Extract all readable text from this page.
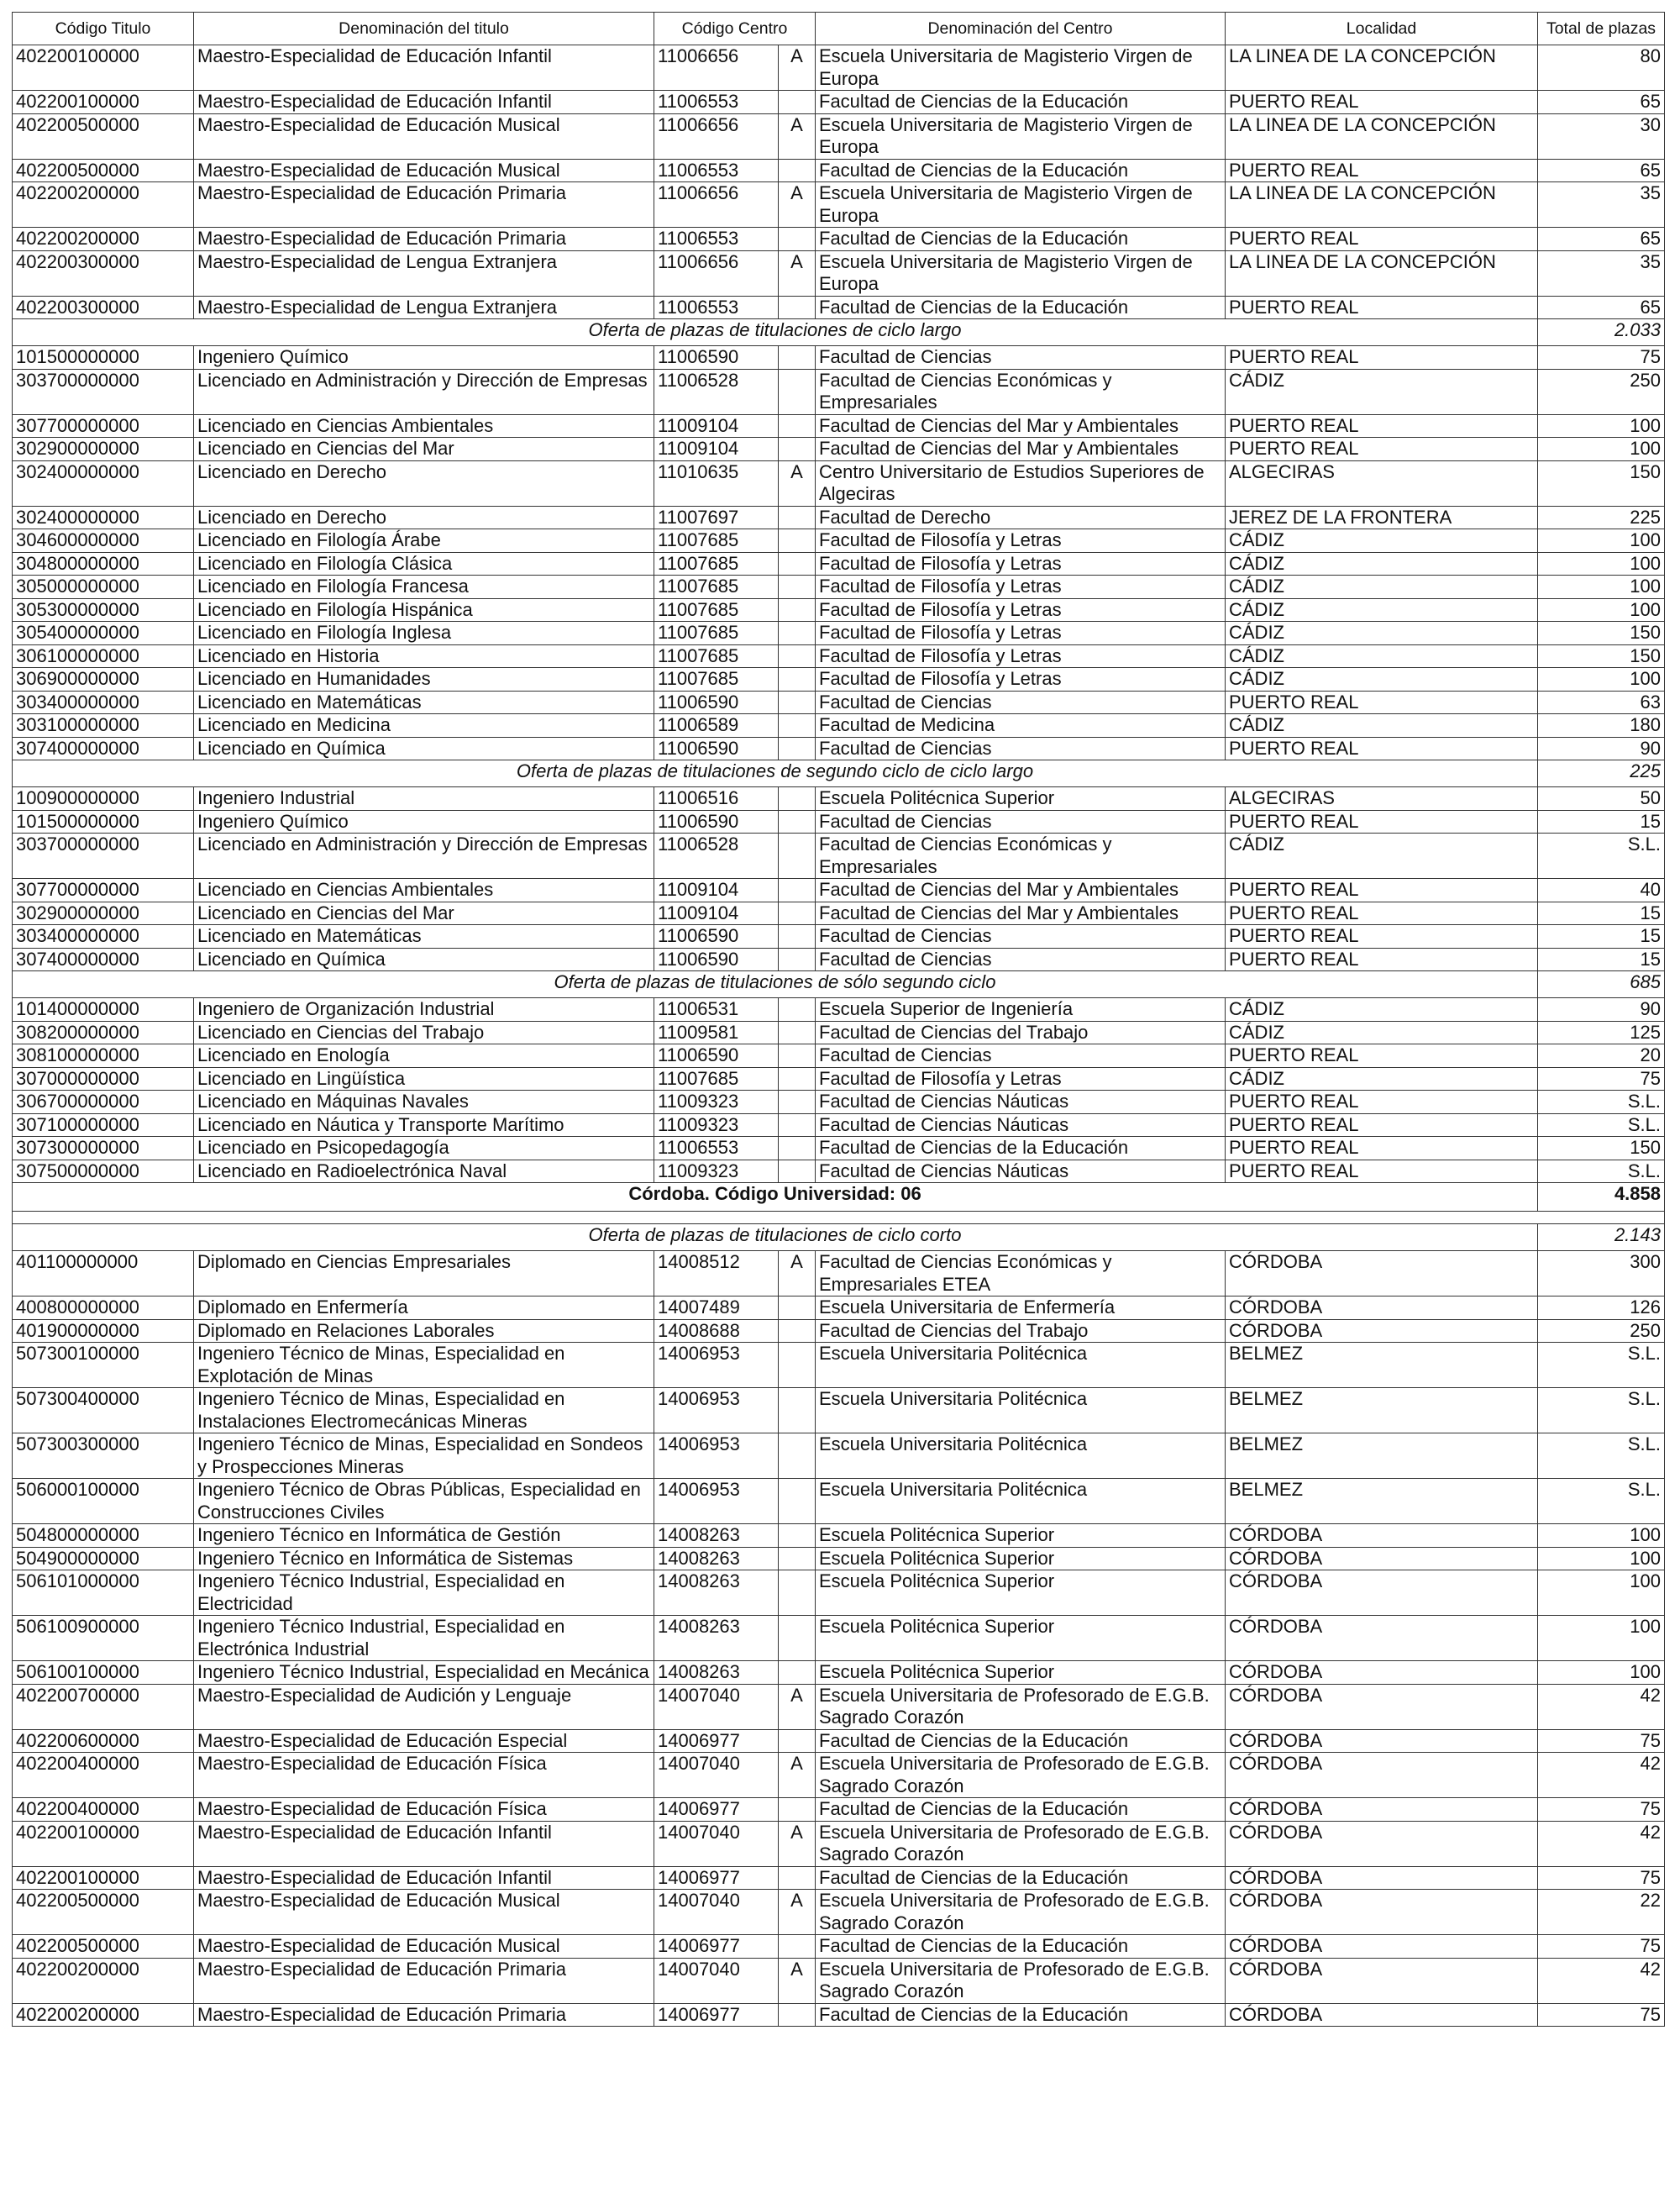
Código Titulo	Denominación del titulo	Código Centro		Denominación del Centro	Localidad	Total de plazas
402200100000	Maestro-Especialidad de Educación Infantil	11006656	A	Escuela Universitaria de Magisterio Virgen de Europa	LA LINEA DE LA CONCEPCIÓN	80
402200100000	Maestro-Especialidad de Educación Infantil	11006553		Facultad de Ciencias de la Educación	PUERTO REAL	65
402200500000	Maestro-Especialidad de Educación Musical	11006656	A	Escuela Universitaria de Magisterio Virgen de Europa	LA LINEA DE LA CONCEPCIÓN	30
402200500000	Maestro-Especialidad de Educación Musical	11006553		Facultad de Ciencias de la Educación	PUERTO REAL	65
402200200000	Maestro-Especialidad de Educación Primaria	11006656	A	Escuela Universitaria de Magisterio Virgen de Europa	LA LINEA DE LA CONCEPCIÓN	35
402200200000	Maestro-Especialidad de Educación Primaria	11006553		Facultad de Ciencias de la Educación	PUERTO REAL	65
402200300000	Maestro-Especialidad de Lengua Extranjera	11006656	A	Escuela Universitaria de Magisterio Virgen de Europa	LA LINEA DE LA CONCEPCIÓN	35
402200300000	Maestro-Especialidad de Lengua Extranjera	11006553		Facultad de Ciencias de la Educación	PUERTO REAL	65
Oferta de plazas de titulaciones de ciclo largo						2.033
101500000000	Ingeniero Químico	11006590		Facultad de Ciencias	PUERTO REAL	75
303700000000	Licenciado en Administración y Dirección de Empresas	11006528		Facultad de Ciencias Económicas y Empresariales	CÁDIZ	250
307700000000	Licenciado en Ciencias Ambientales	11009104		Facultad de Ciencias del Mar y Ambientales	PUERTO REAL	100
302900000000	Licenciado en Ciencias del Mar	11009104		Facultad de Ciencias del Mar y Ambientales	PUERTO REAL	100
302400000000	Licenciado en Derecho	11010635	A	Centro Universitario de Estudios Superiores de Algeciras	ALGECIRAS	150
302400000000	Licenciado en Derecho	11007697		Facultad de Derecho	JEREZ DE LA FRONTERA	225
304600000000	Licenciado en Filología Árabe	11007685		Facultad de Filosofía y Letras	CÁDIZ	100
304800000000	Licenciado en Filología Clásica	11007685		Facultad de Filosofía y Letras	CÁDIZ	100
305000000000	Licenciado en Filología Francesa	11007685		Facultad de Filosofía y Letras	CÁDIZ	100
305300000000	Licenciado en Filología Hispánica	11007685		Facultad de Filosofía y Letras	CÁDIZ	100
305400000000	Licenciado en Filología Inglesa	11007685		Facultad de Filosofía y Letras	CÁDIZ	150
306100000000	Licenciado en Historia	11007685		Facultad de Filosofía y Letras	CÁDIZ	150
306900000000	Licenciado en Humanidades	11007685		Facultad de Filosofía y Letras	CÁDIZ	100
303400000000	Licenciado en Matemáticas	11006590		Facultad de Ciencias	PUERTO REAL	63
303100000000	Licenciado en Medicina	11006589		Facultad de Medicina	CÁDIZ	180
307400000000	Licenciado en Química	11006590		Facultad de Ciencias	PUERTO REAL	90
Oferta de plazas de titulaciones de segundo ciclo de ciclo largo						225
100900000000	Ingeniero Industrial	11006516		Escuela Politécnica Superior	ALGECIRAS	50
101500000000	Ingeniero Químico	11006590		Facultad de Ciencias	PUERTO REAL	15
303700000000	Licenciado en Administración y Dirección de Empresas	11006528		Facultad de Ciencias Económicas y Empresariales	CÁDIZ	S.L.
307700000000	Licenciado en Ciencias Ambientales	11009104		Facultad de Ciencias del Mar y Ambientales	PUERTO REAL	40
302900000000	Licenciado en Ciencias del Mar	11009104		Facultad de Ciencias del Mar y Ambientales	PUERTO REAL	15
303400000000	Licenciado en Matemáticas	11006590		Facultad de Ciencias	PUERTO REAL	15
307400000000	Licenciado en Química	11006590		Facultad de Ciencias	PUERTO REAL	15
Oferta de plazas de titulaciones de sólo segundo ciclo						685
101400000000	Ingeniero de Organización Industrial	11006531		Escuela Superior de Ingeniería	CÁDIZ	90
308200000000	Licenciado en Ciencias del Trabajo	11009581		Facultad de Ciencias del Trabajo	CÁDIZ	125
308100000000	Licenciado en Enología	11006590		Facultad de Ciencias	PUERTO REAL	20
307000000000	Licenciado en Lingüística	11007685		Facultad de Filosofía y Letras	CÁDIZ	75
306700000000	Licenciado en Máquinas Navales	11009323		Facultad de Ciencias Náuticas	PUERTO REAL	S.L.
307100000000	Licenciado en Náutica y Transporte Marítimo	11009323		Facultad de Ciencias Náuticas	PUERTO REAL	S.L.
307300000000	Licenciado en Psicopedagogía	11006553		Facultad de Ciencias de la Educación	PUERTO REAL	150
307500000000	Licenciado en Radioelectrónica Naval	11009323		Facultad de Ciencias Náuticas	PUERTO REAL	S.L.
Córdoba. Código Universidad: 06						4.858

Oferta de plazas de titulaciones de ciclo corto						2.143
401100000000	Diplomado en Ciencias Empresariales	14008512	A	Facultad de Ciencias Económicas y Empresariales ETEA	CÓRDOBA	300
400800000000	Diplomado en Enfermería	14007489		Escuela Universitaria de Enfermería	CÓRDOBA	126
401900000000	Diplomado en Relaciones Laborales	14008688		Facultad de Ciencias del Trabajo	CÓRDOBA	250
507300100000	Ingeniero Técnico de Minas, Especialidad en Explotación de Minas	14006953		Escuela Universitaria Politécnica	BELMEZ	S.L.
507300400000	Ingeniero Técnico de Minas, Especialidad en Instalaciones Electromecánicas Mineras	14006953		Escuela Universitaria Politécnica	BELMEZ	S.L.
507300300000	Ingeniero Técnico de Minas, Especialidad en Sondeos y Prospecciones Mineras	14006953		Escuela Universitaria Politécnica	BELMEZ	S.L.
506000100000	Ingeniero Técnico de Obras Públicas, Especialidad en Construcciones Civiles	14006953		Escuela Universitaria Politécnica	BELMEZ	S.L.
504800000000	Ingeniero Técnico en Informática de Gestión	14008263		Escuela Politécnica Superior	CÓRDOBA	100
504900000000	Ingeniero Técnico en Informática de Sistemas	14008263		Escuela Politécnica Superior	CÓRDOBA	100
506101000000	Ingeniero Técnico Industrial, Especialidad en Electricidad	14008263		Escuela Politécnica Superior	CÓRDOBA	100
506100900000	Ingeniero Técnico Industrial, Especialidad en Electrónica Industrial	14008263		Escuela Politécnica Superior	CÓRDOBA	100
506100100000	Ingeniero Técnico Industrial, Especialidad en Mecánica	14008263		Escuela Politécnica Superior	CÓRDOBA	100
402200700000	Maestro-Especialidad de Audición y Lenguaje	14007040	A	Escuela Universitaria de Profesorado de E.G.B. Sagrado Corazón	CÓRDOBA	42
402200600000	Maestro-Especialidad de Educación Especial	14006977		Facultad de Ciencias de la Educación	CÓRDOBA	75
402200400000	Maestro-Especialidad de Educación Física	14007040	A	Escuela Universitaria de Profesorado de E.G.B. Sagrado Corazón	CÓRDOBA	42
402200400000	Maestro-Especialidad de Educación Física	14006977		Facultad de Ciencias de la Educación	CÓRDOBA	75
402200100000	Maestro-Especialidad de Educación Infantil	14007040	A	Escuela Universitaria de Profesorado de E.G.B. Sagrado Corazón	CÓRDOBA	42
402200100000	Maestro-Especialidad de Educación Infantil	14006977		Facultad de Ciencias de la Educación	CÓRDOBA	75
402200500000	Maestro-Especialidad de Educación Musical	14007040	A	Escuela Universitaria de Profesorado de E.G.B. Sagrado Corazón	CÓRDOBA	22
402200500000	Maestro-Especialidad de Educación Musical	14006977		Facultad de Ciencias de la Educación	CÓRDOBA	75
402200200000	Maestro-Especialidad de Educación Primaria	14007040	A	Escuela Universitaria de Profesorado de E.G.B. Sagrado Corazón	CÓRDOBA	42
402200200000	Maestro-Especialidad de Educación Primaria	14006977		Facultad de Ciencias de la Educación	CÓRDOBA	75
